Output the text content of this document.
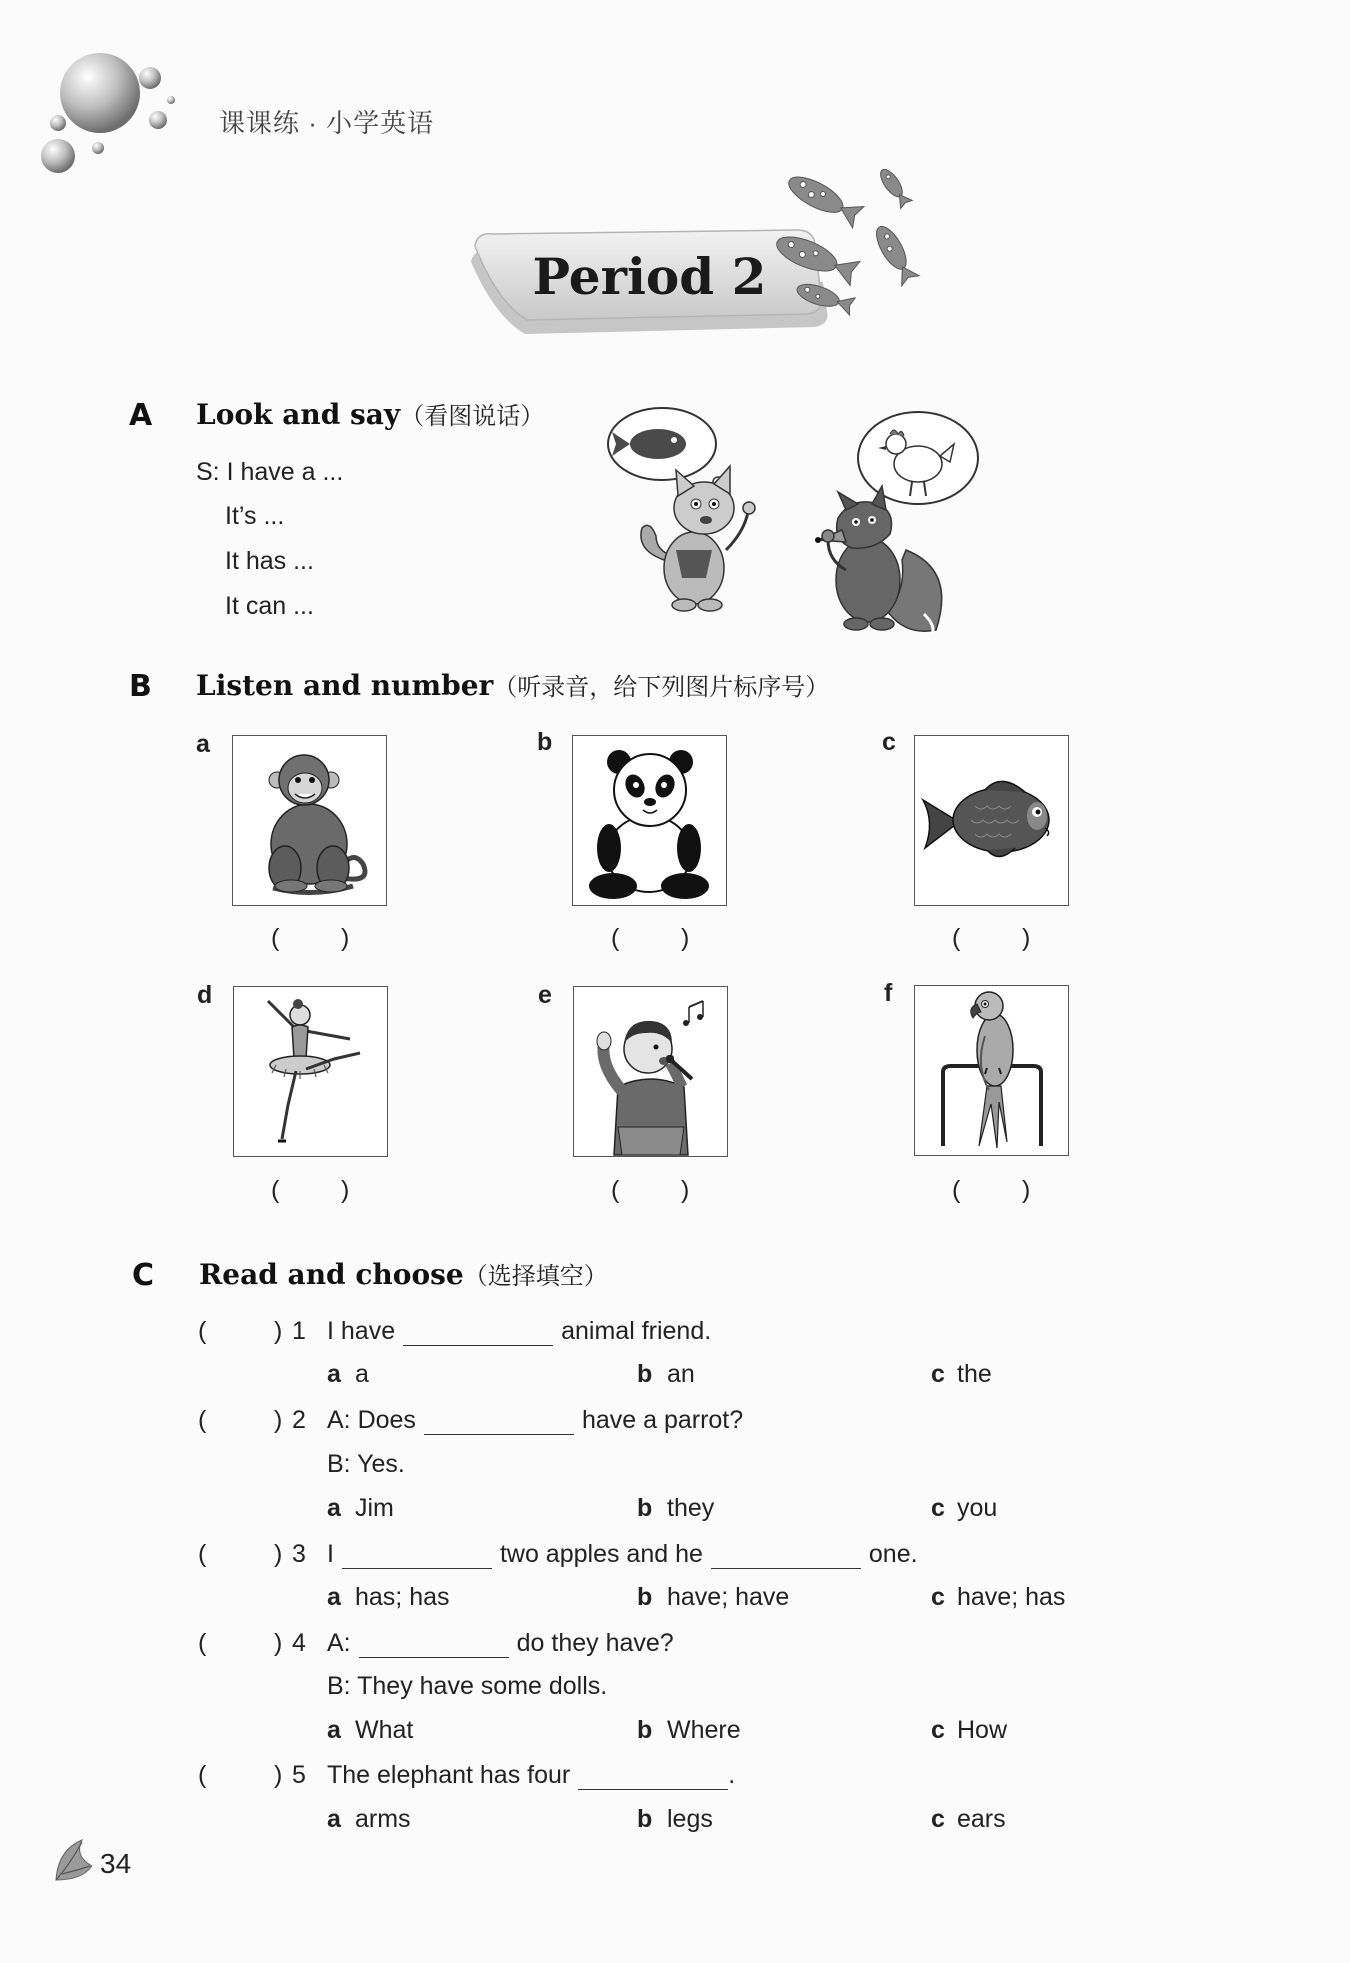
课课练 · 小学英语
Period 2
A Look and say（看图说话）
S: I have a ...
It’s ...
It has ...
It can ...
B Listen and number（听录音，给下列图片标序号）
a	b	c
( )	( )	( )
d	e	f
( )	( )	( )
C Read and choose（选择填空）
(	) 1 I have	animal friend.
a a	b an	c the
(	) 2 A: Does	have a parrot?
B: Yes.
a Jim	b they	c you
(	) 3 I	two apples and he	one.
a has; has	b have; have	c have; has
(	) 4 A:	do they have?
B: They have some dolls.
a What	b Where	c How
(	) 5 The elephant has four	.
a arms	b legs	c ears
34
